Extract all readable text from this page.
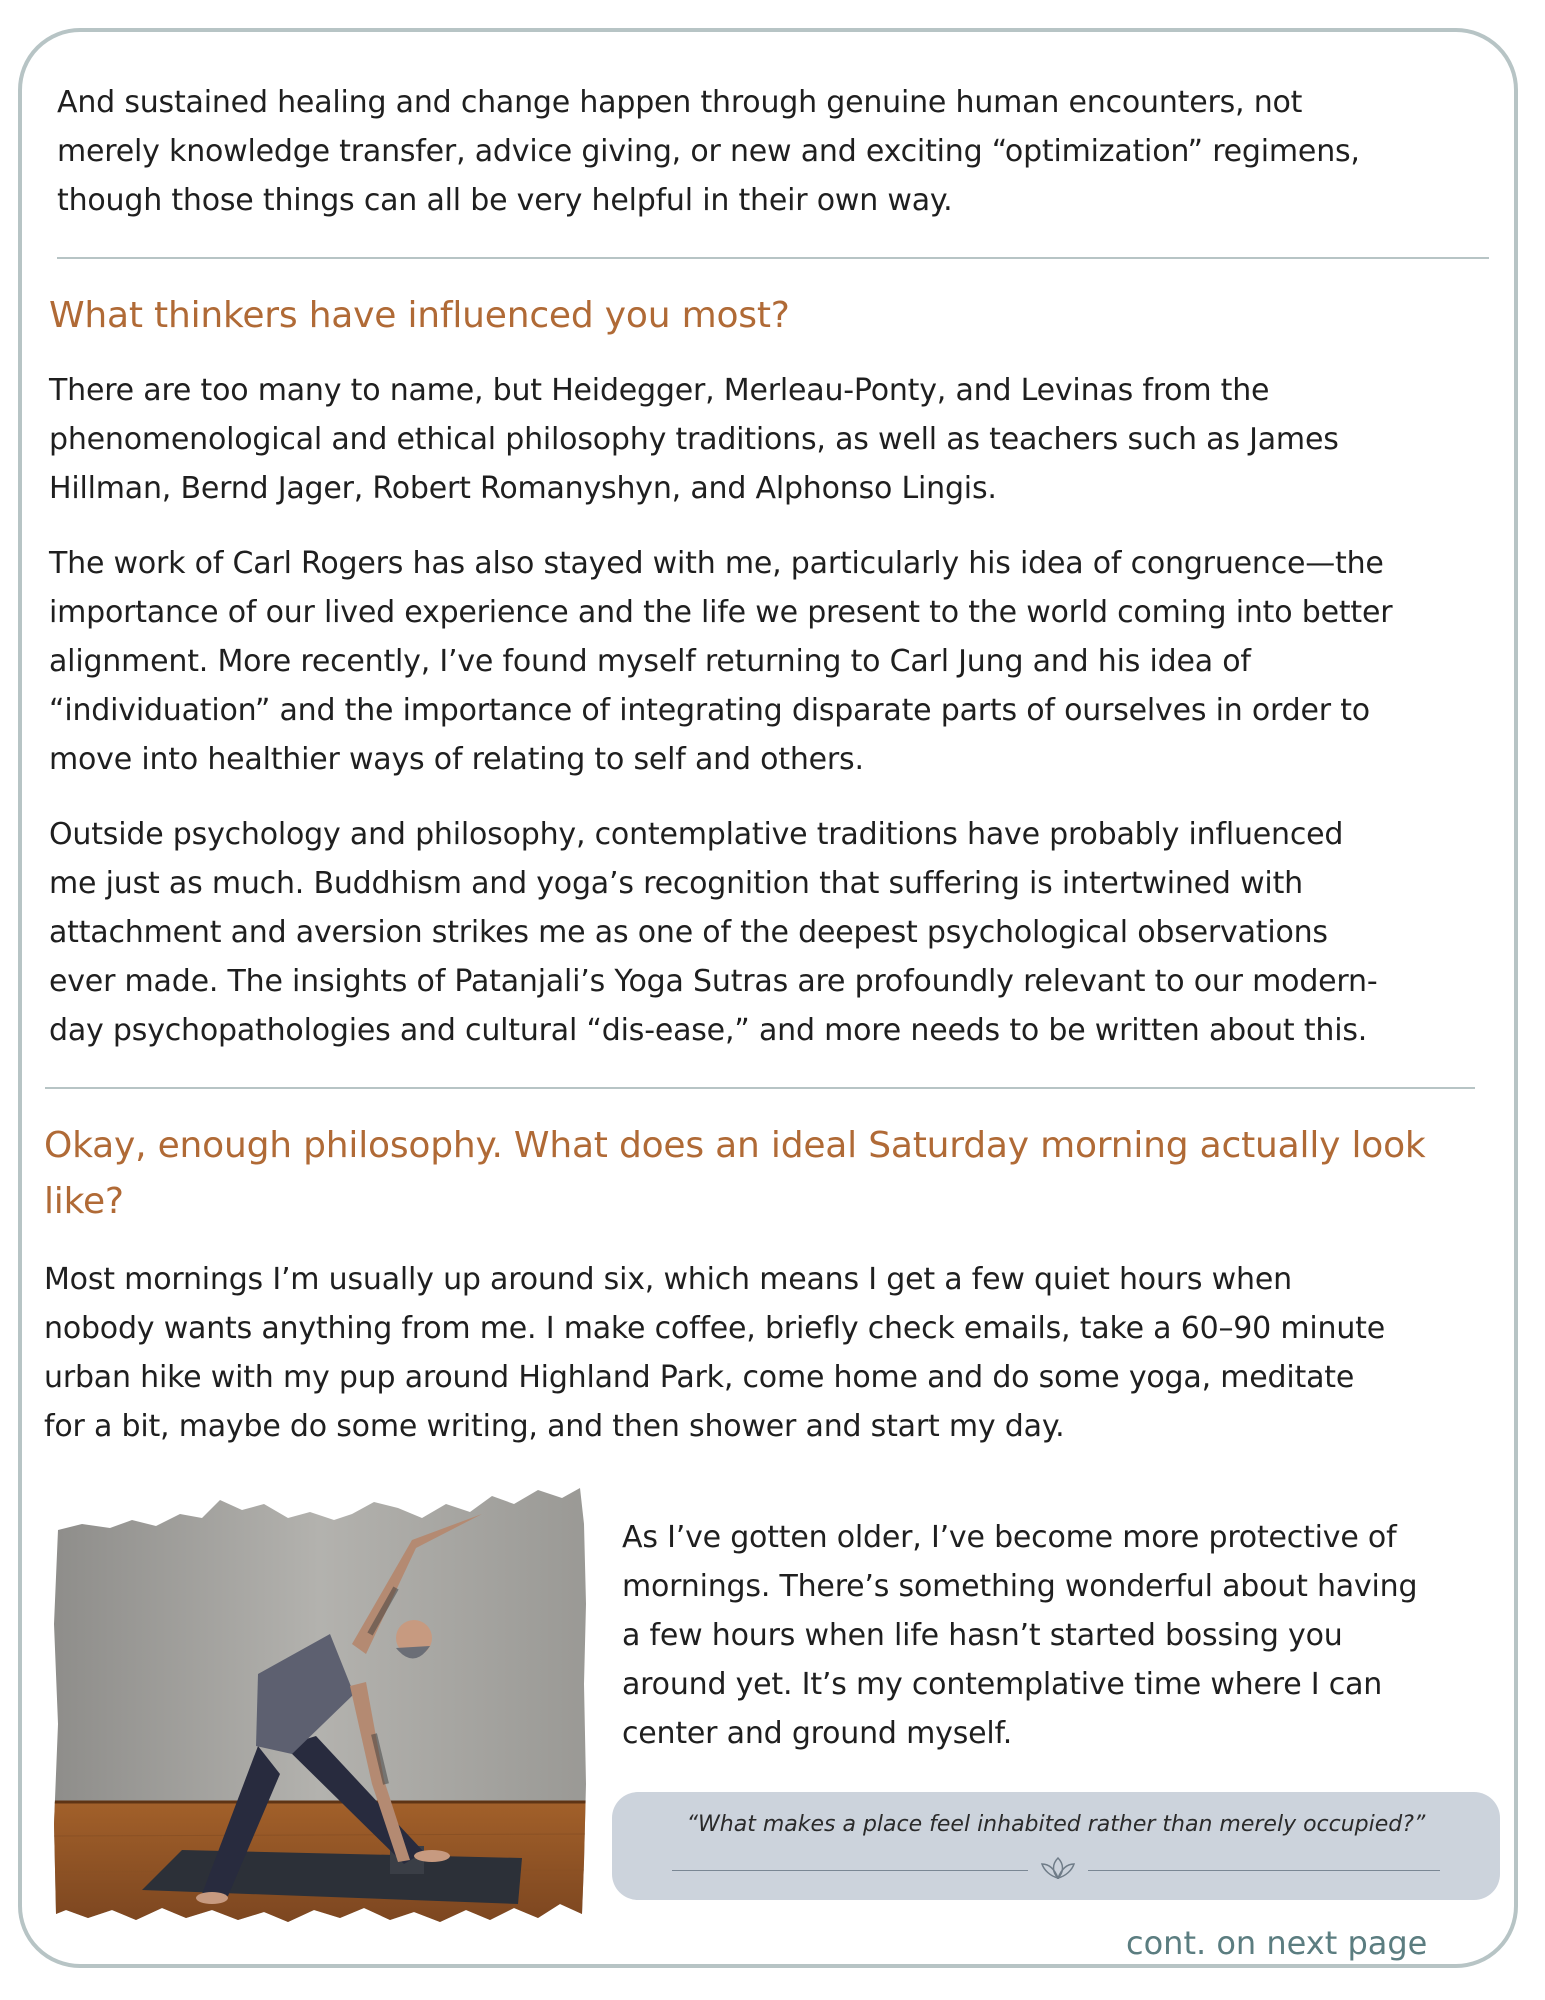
And sustained healing and change happen through genuine human encounters, not
merely knowledge transfer, advice giving, or new and exciting “optimization” regimens,
though those things can all be very helpful in their own way.

What thinkers have influenced you most?

There are too many to name, but Heidegger, Merleau-Ponty, and Levinas from the
phenomenological and ethical philosophy traditions, as well as teachers such as James
Hillman, Bernd Jager, Robert Romanyshyn, and Alphonso Lingis.

The work of Carl Rogers has also stayed with me, particularly his idea of congruence—the
importance of our lived experience and the life we present to the world coming into better
alignment. More recently, I’ve found myself returning to Carl Jung and his idea of
“individuation” and the importance of integrating disparate parts of ourselves in order to
move into healthier ways of relating to self and others.

Outside psychology and philosophy, contemplative traditions have probably influenced
me just as much. Buddhism and yoga’s recognition that suffering is intertwined with
attachment and aversion strikes me as one of the deepest psychological observations
ever made. The insights of Patanjali’s Yoga Sutras are profoundly relevant to our modern-
day psychopathologies and cultural “dis-ease,” and more needs to be written about this.

Okay, enough philosophy. What does an ideal Saturday morning actually look
like?

Most mornings I’m usually up around six, which means I get a few quiet hours when
nobody wants anything from me. I make coffee, briefly check emails, take a 60–90 minute
urban hike with my pup around Highland Park, come home and do some yoga, meditate
for a bit, maybe do some writing, and then shower and start my day.

As I’ve gotten older, I’ve become more protective of
mornings. There’s something wonderful about having
a few hours when life hasn’t started bossing you
around yet. It’s my contemplative time where I can
center and ground myself.

“What makes a place feel inhabited rather than merely occupied?”
cont. on next page
